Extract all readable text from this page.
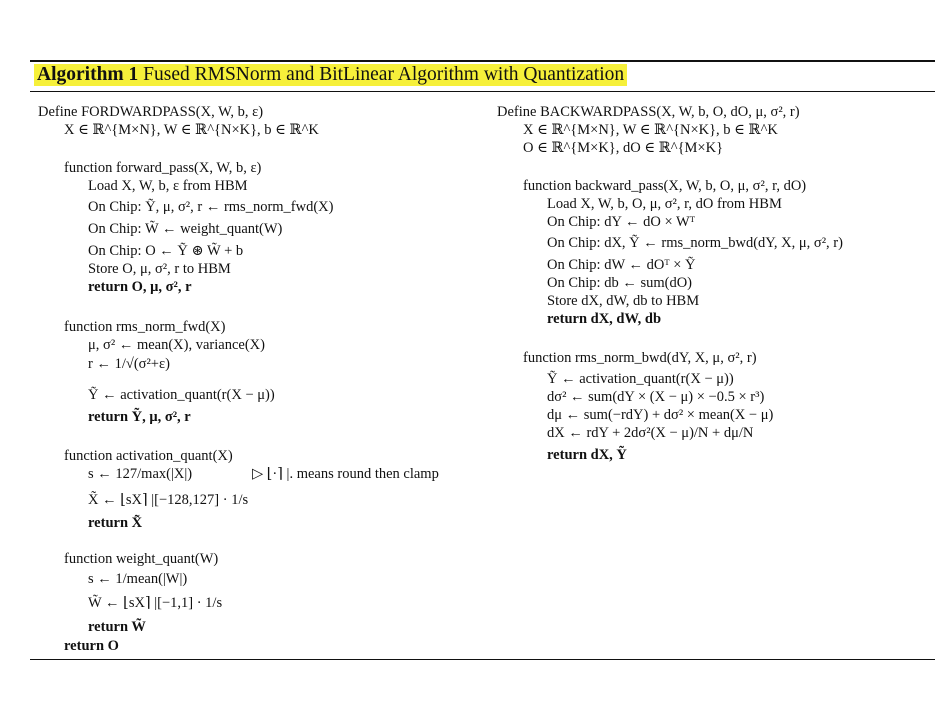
Algorithm 1 Fused RMSNorm and BitLinear Algorithm with Quantization
Define FORDWARDPASS(X, W, b, ε)
X ∈ ℝ^{M×N}, W ∈ ℝ^{N×K}, b ∈ ℝ^K
function forward_pass(X, W, b, ε)
Load X, W, b, ε from HBM
On Chip: Ỹ, μ, σ², r ← rms_norm_fwd(X)
On Chip: W̃ ← weight_quant(W)
On Chip: O ← Ỹ ⊛ W̃ + b
Store O, μ, σ², r to HBM
return O, μ, σ², r
function rms_norm_fwd(X)
μ, σ² ← mean(X), variance(X)
r ← 1/√(σ²+ε)
Ỹ ← activation_quant(r(X − μ))
return Ỹ, μ, σ², r
function activation_quant(X)
s ← 127/max(|X|)	▷ ⌊·⌉ |. means round then clamp
X̃ ← ⌊sX⌉ |[−128,127] · 1/s
return X̃
function weight_quant(W)
s ← 1/mean(|W|)
W̃ ← ⌊sX⌉ |[−1,1] · 1/s
return W̃
return O
Define BACKWARDPASS(X, W, b, O, dO, μ, σ², r)
X ∈ ℝ^{M×N}, W ∈ ℝ^{N×K}, b ∈ ℝ^K
O ∈ ℝ^{M×K}, dO ∈ ℝ^{M×K}
function backward_pass(X, W, b, O, μ, σ², r, dO)
Load X, W, b, O, μ, σ², r, dO from HBM
On Chip: dY ← dO × Wᵀ
On Chip: dX, Ỹ ← rms_norm_bwd(dY, X, μ, σ², r)
On Chip: dW ← dOᵀ × Ỹ
On Chip: db ← sum(dO)
Store dX, dW, db to HBM
return dX, dW, db
function rms_norm_bwd(dY, X, μ, σ², r)
Ỹ ← activation_quant(r(X − μ))
dσ² ← sum(dY × (X − μ) × −0.5 × r³)
dμ ← sum(−rdY) + dσ² × mean(X − μ)
dX ← rdY + 2dσ²(X − μ)/N + dμ/N
return dX, Ỹ
